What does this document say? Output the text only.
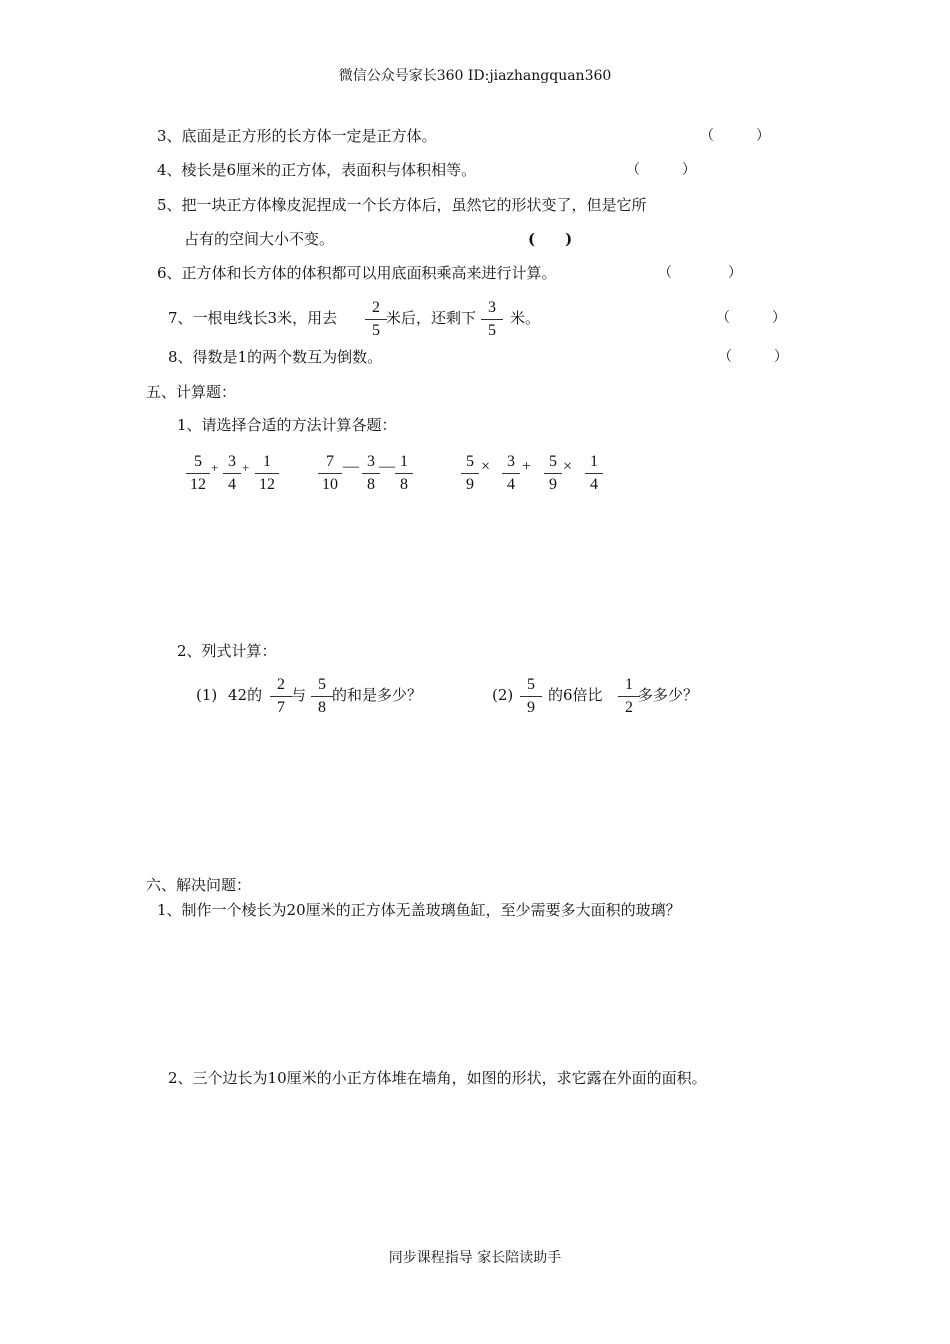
微信公众号家长360 ID:jiazhangquan360
3、底面是正方形的长方体一定是正方体。	（　　　）
4、棱长是6厘米的正方体，表面积与体积相等。	（　　　）
5、把一块正方体橡皮泥捏成一个长方体后，虽然它的形状变了，但是它所
占有的空间大小不变。	(　　)
6、正方体和长方体的体积都可以用底面积乘高来进行计算。	（　　　　）
7、一根电线长3米，用去 $\frac{2}{5}$ 米后，还剩下 $\frac{3}{5}$ 米。	（　　　）
8、得数是1的两个数互为倒数。	（　　　）
五、计算题：
1、请选择合适的方法计算各题：
$\frac{5}{12} + \frac{3}{4} + \frac{1}{12} \frac{7}{10}$ — $\frac{3}{8}$ — $\frac{1}{8}$	$\frac{5}{9} \times \frac{3}{4} + \frac{5}{9} \times \frac{1}{4}$
2、列式计算：
(1) 42的 $\frac{2}{7}$ 与 $\frac{5}{8}$ 的和是多少？	$(2) \frac{5}{9}$ 的6倍比 $\frac{1}{2}$
多多少？
六、解决问题：
1、制作一个棱长为20厘米的正方体无盖玻璃鱼缸，至少需要多大面积的玻璃？
2、三个边长为10厘米的小正方体堆在墙角，如图的形状，求它露在外面的面积。
同步课程指导 家长陪读助手
